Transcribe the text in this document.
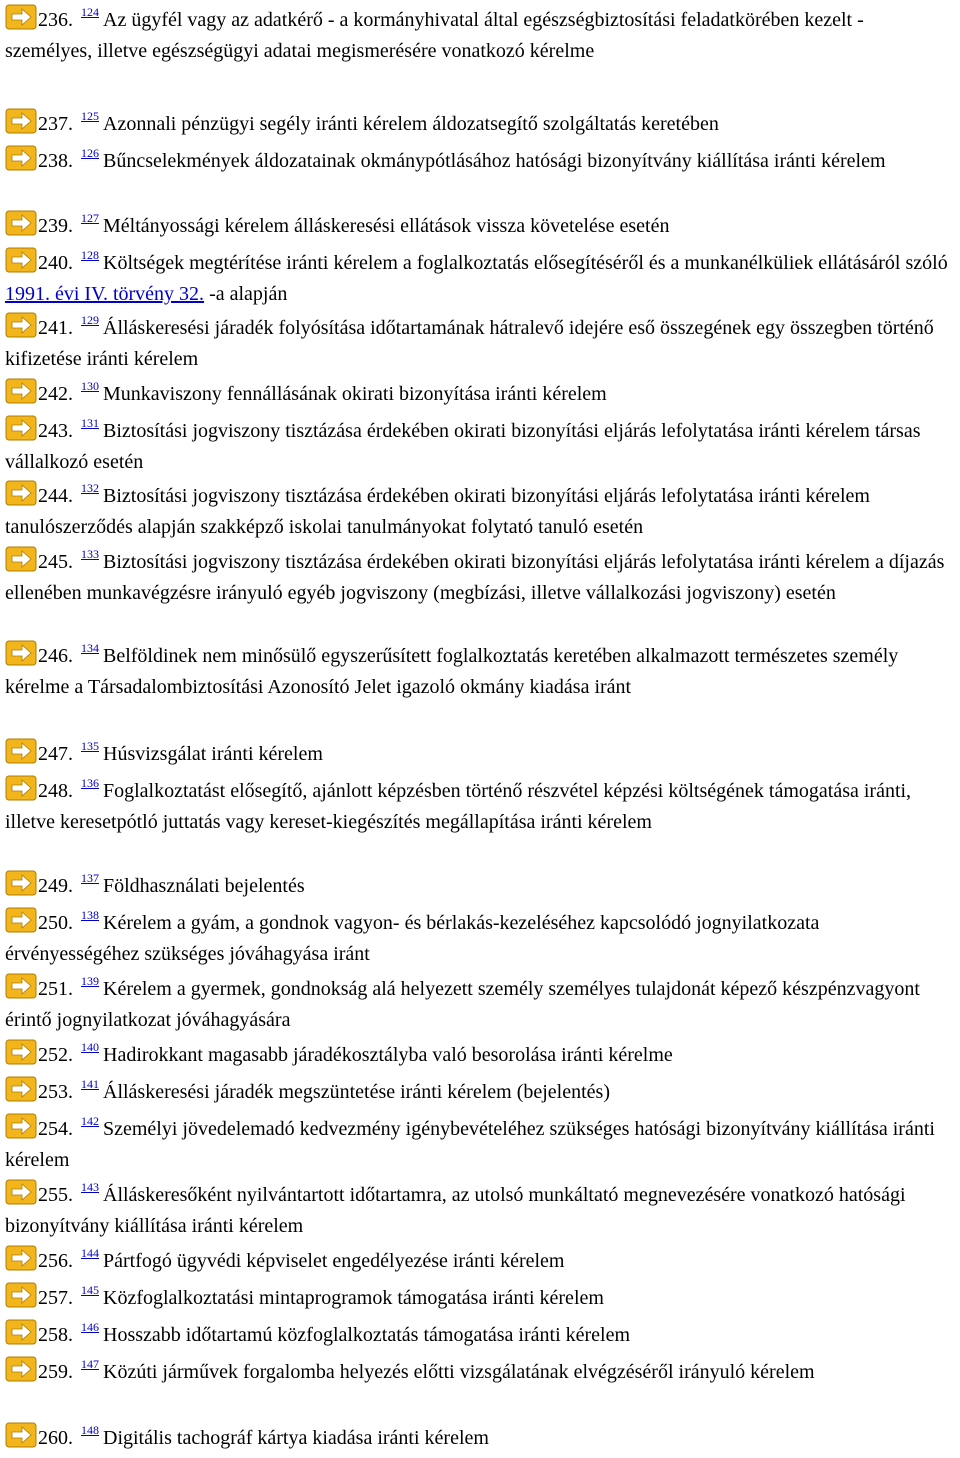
236. $^{124}$ Az ügyfél vagy az adatkérő - a kormányhivatal által egészségbiztosítási feladatkörében kezelt - személyes, illetve egészségügyi adatai megismerésére vonatkozó kérelme
237. $^{125}$ Azonnali pénzügyi segély iránti kérelem áldozatsegítő szolgáltatás keretében
238. $^{126}$ Bűncselekmények áldozatainak okmánypótlásához hatósági bizonyítvány kiállítása iránti kérelem
239. $^{127}$ Méltányossági kérelem álláskeresési ellátások vissza követelése esetén
240. $^{128}$ Költségek megtérítése iránti kérelem a foglalkoztatás elősegítéséről és a munkanélküliek ellátásáról szóló 1991. évi IV. törvény 32. -a alapján
241. $^{129}$ Álláskeresési járadék folyósítása időtartamának hátralevő idejére eső összegének egy összegben történő kifizetése iránti kérelem
242. $^{130}$ Munkaviszony fennállásának okirati bizonyítása iránti kérelem
243. $^{131}$ Biztosítási jogviszony tisztázása érdekében okirati bizonyítási eljárás lefolytatása iránti kérelem társas vállalkozó esetén
244. $^{132}$ Biztosítási jogviszony tisztázása érdekében okirati bizonyítási eljárás lefolytatása iránti kérelem tanulószerződés alapján szakképző iskolai tanulmányokat folytató tanuló esetén
245. $^{133}$ Biztosítási jogviszony tisztázása érdekében okirati bizonyítási eljárás lefolytatása iránti kérelem a díjazás ellenében munkavégzésre irányuló egyéb jogviszony (megbízási, illetve vállalkozási jogviszony) esetén
246. $^{134}$ Belföldinek nem minősülő egyszerűsített foglalkoztatás keretében alkalmazott természetes személy kérelme a Társadalombiztosítási Azonosító Jelet igazoló okmány kiadása iránt
247. $^{135}$ Húsvizsgálat iránti kérelem
248. $^{136}$ Foglalkoztatást elősegítő, ajánlott képzésben történő részvétel képzési költségének támogatása iránti, illetve keresetpótló juttatás vagy kereset-kiegészítés megállapítása iránti kérelem
249. $^{137}$ Földhasználati bejelentés
250. $^{138}$ Kérelem a gyám, a gondnok vagyon- és bérlakás-kezeléséhez kapcsolódó jognyilatkozata érvényességéhez szükséges jóváhagyása iránt
251. $^{139}$ Kérelem a gyermek, gondnokság alá helyezett személy személyes tulajdonát képező készpénzvagyont érintő jognyilatkozat jóváhagyására
252. $^{140}$ Hadirokkant magasabb járadékosztályba való besorolása iránti kérelme
253. $^{141}$ Álláskeresési járadék megszüntetése iránti kérelem (bejelentés)
254. $^{142}$ Személyi jövedelemadó kedvezmény igénybevételéhez szükséges hatósági bizonyítvány kiállítása iránti kérelem
255. $^{143}$ Álláskeresőként nyilvántartott időtartamra, az utolsó munkáltató megnevezésére vonatkozó hatósági bizonyítvány kiállítása iránti kérelem
256. $^{144}$ Pártfogó ügyvédi képviselet engedélyezése iránti kérelem
257. $^{145}$ Közfoglalkoztatási mintaprogramok támogatása iránti kérelem
258. $^{146}$ Hosszabb időtartamú közfoglalkoztatás támogatása iránti kérelem
259. $^{147}$ Közúti járművek forgalomba helyezés előtti vizsgálatának elvégzéséről irányuló kérelem
260. $^{148}$ Digitális tachográf kártya kiadása iránti kérelem
